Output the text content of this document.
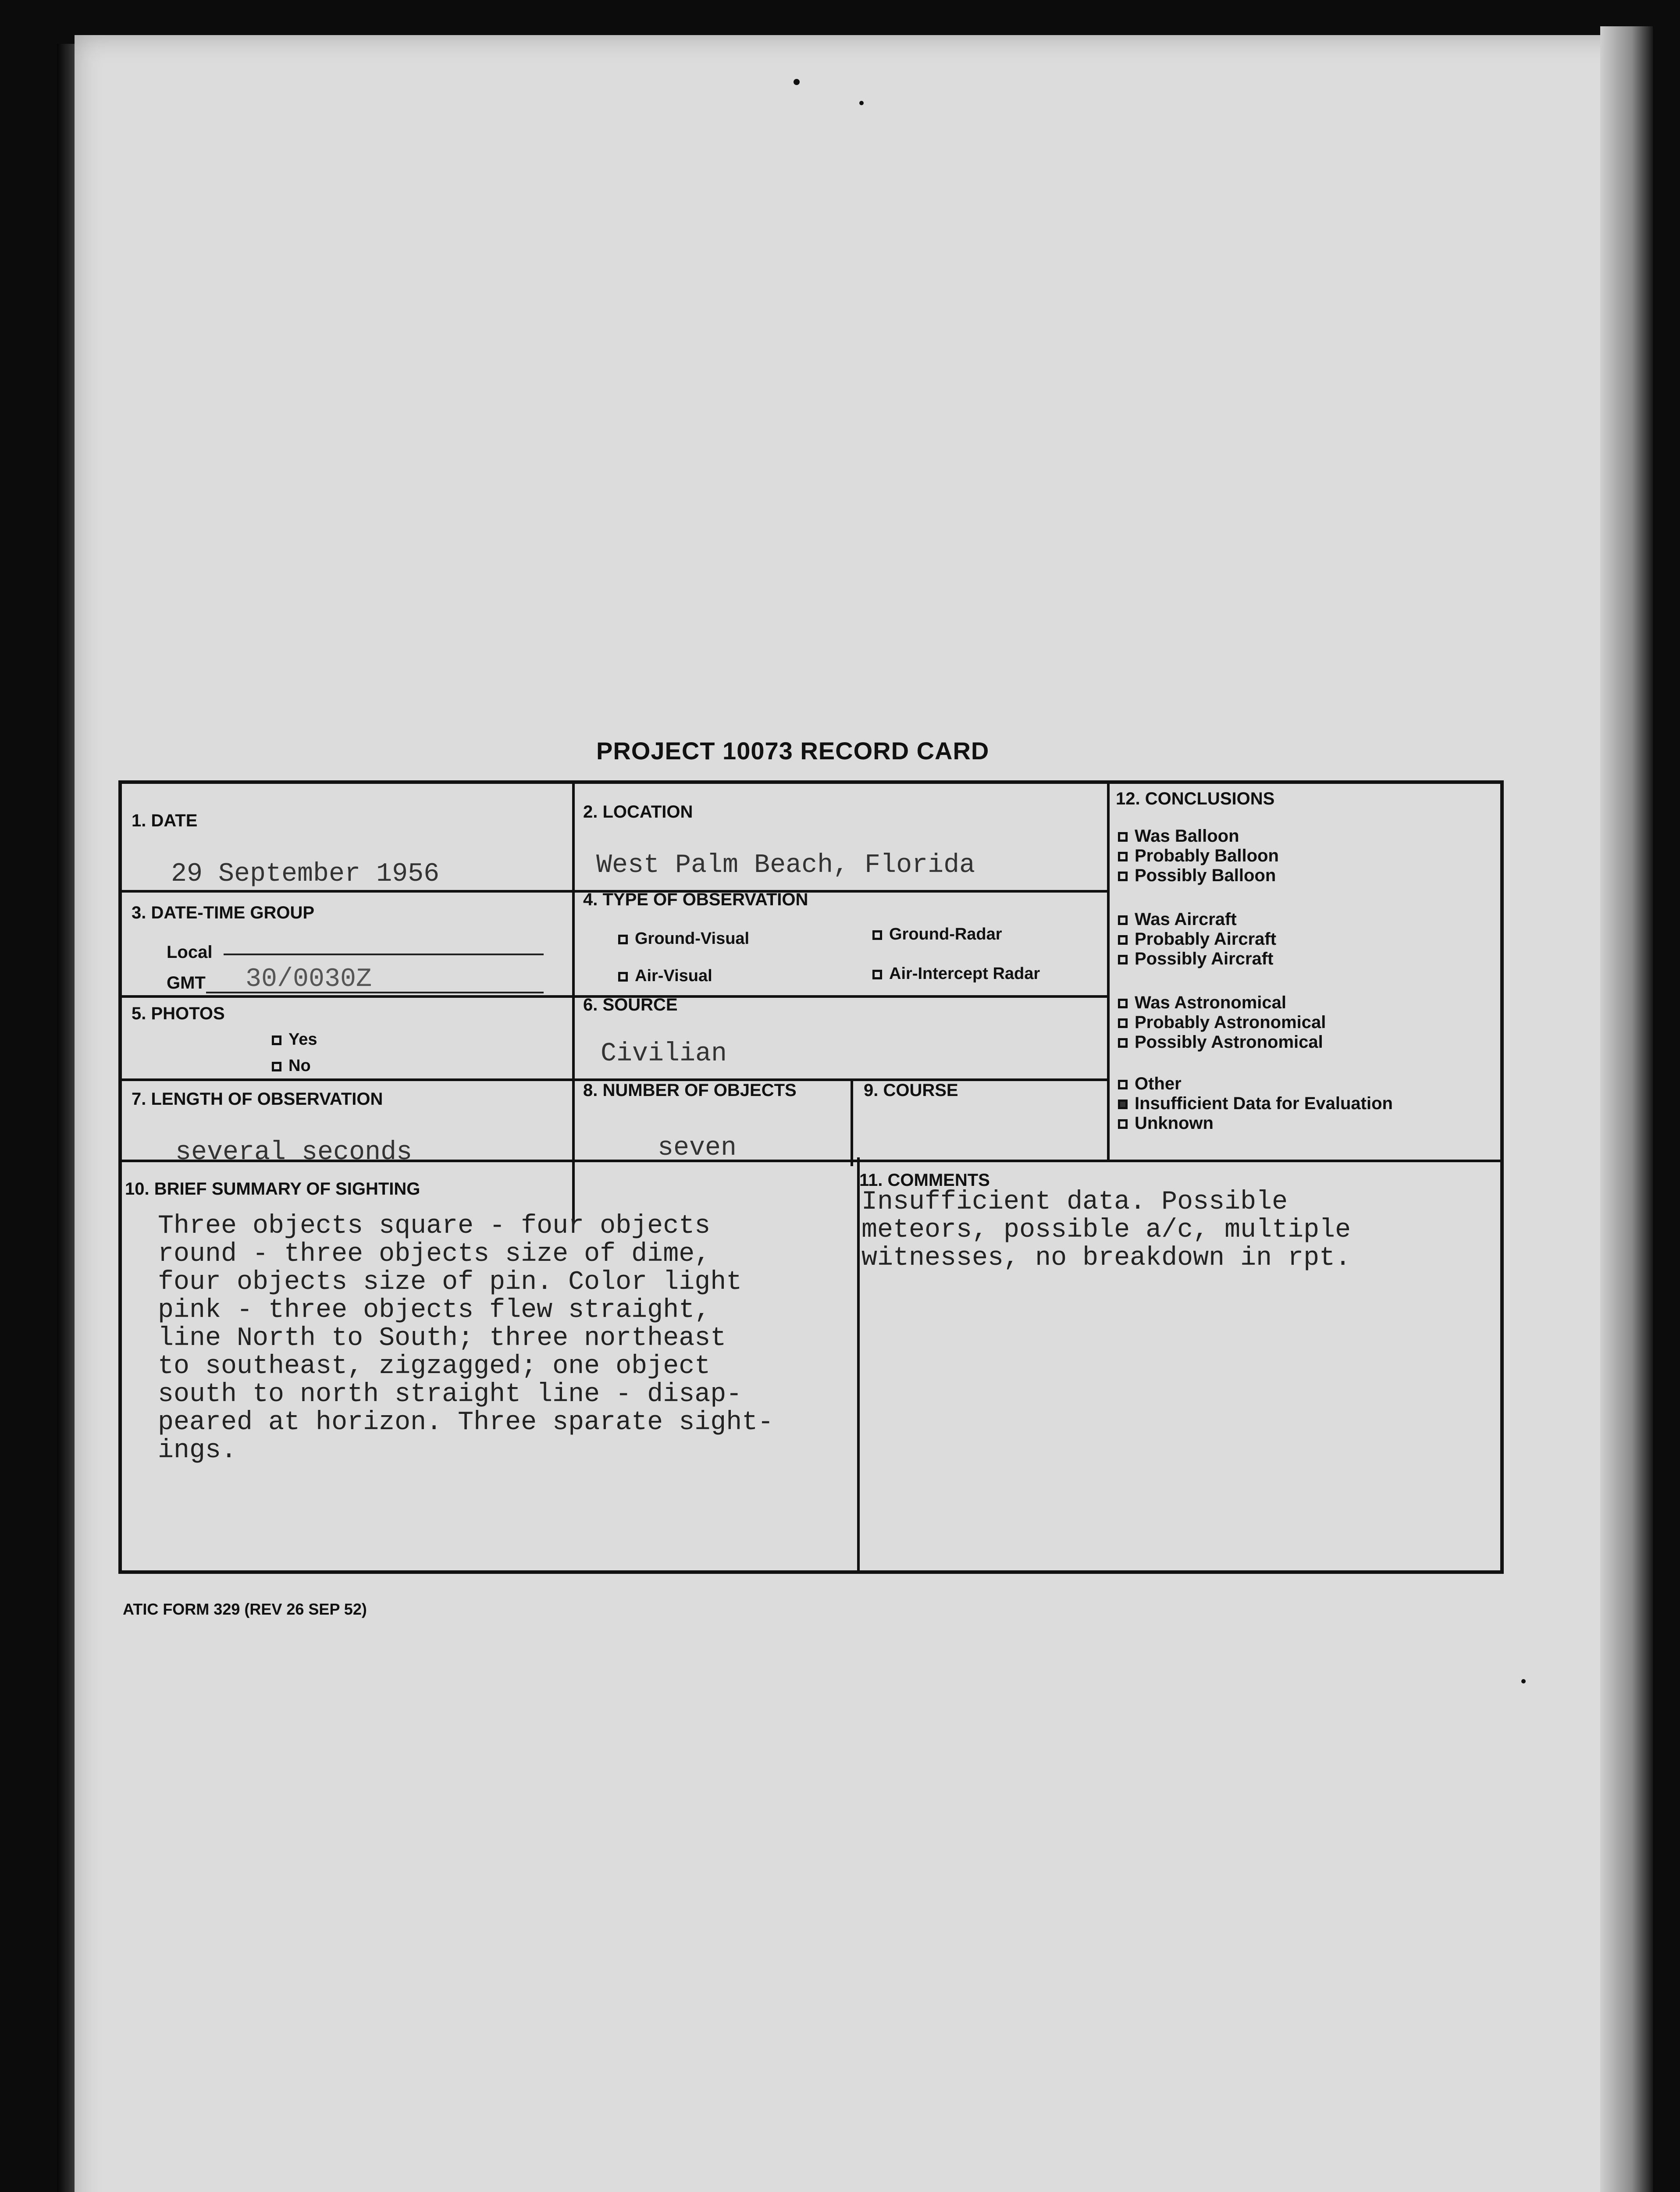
PROJECT 10073 RECORD CARD
1. DATE
29 September 1956
2. LOCATION
West Palm Beach, Florida
3. DATE-TIME GROUP
Local
GMT 30/0030Z
4. TYPE OF OBSERVATION
Ground-Visual	Ground-Radar
Air-Visual	Air-Intercept Radar
5. PHOTOS
Yes
No
6. SOURCE
Civilian
7. LENGTH OF OBSERVATION
several seconds
8. NUMBER OF OBJECTS
seven
9. COURSE
10. BRIEF SUMMARY OF SIGHTING
Three objects square - four objects
round - three objects size of dime,
four objects size of pin. Color light
pink - three objects flew straight,
line North to South; three northeast
to southeast, zigzagged; one object
south to north straight line - disap-
peared at horizon. Three sparate sight-
ings.
11. COMMENTS
Insufficient data. Possible
meteors, possible a/c, multiple
witnesses, no breakdown in rpt.
12. CONCLUSIONS
Was Balloon
Probably Balloon
Possibly Balloon
Was Aircraft
Probably Aircraft
Possibly Aircraft
Was Astronomical
Probably Astronomical
Possibly Astronomical
Other
Insufficient Data for Evaluation
Unknown
ATIC FORM 329 (REV 26 SEP 52)
